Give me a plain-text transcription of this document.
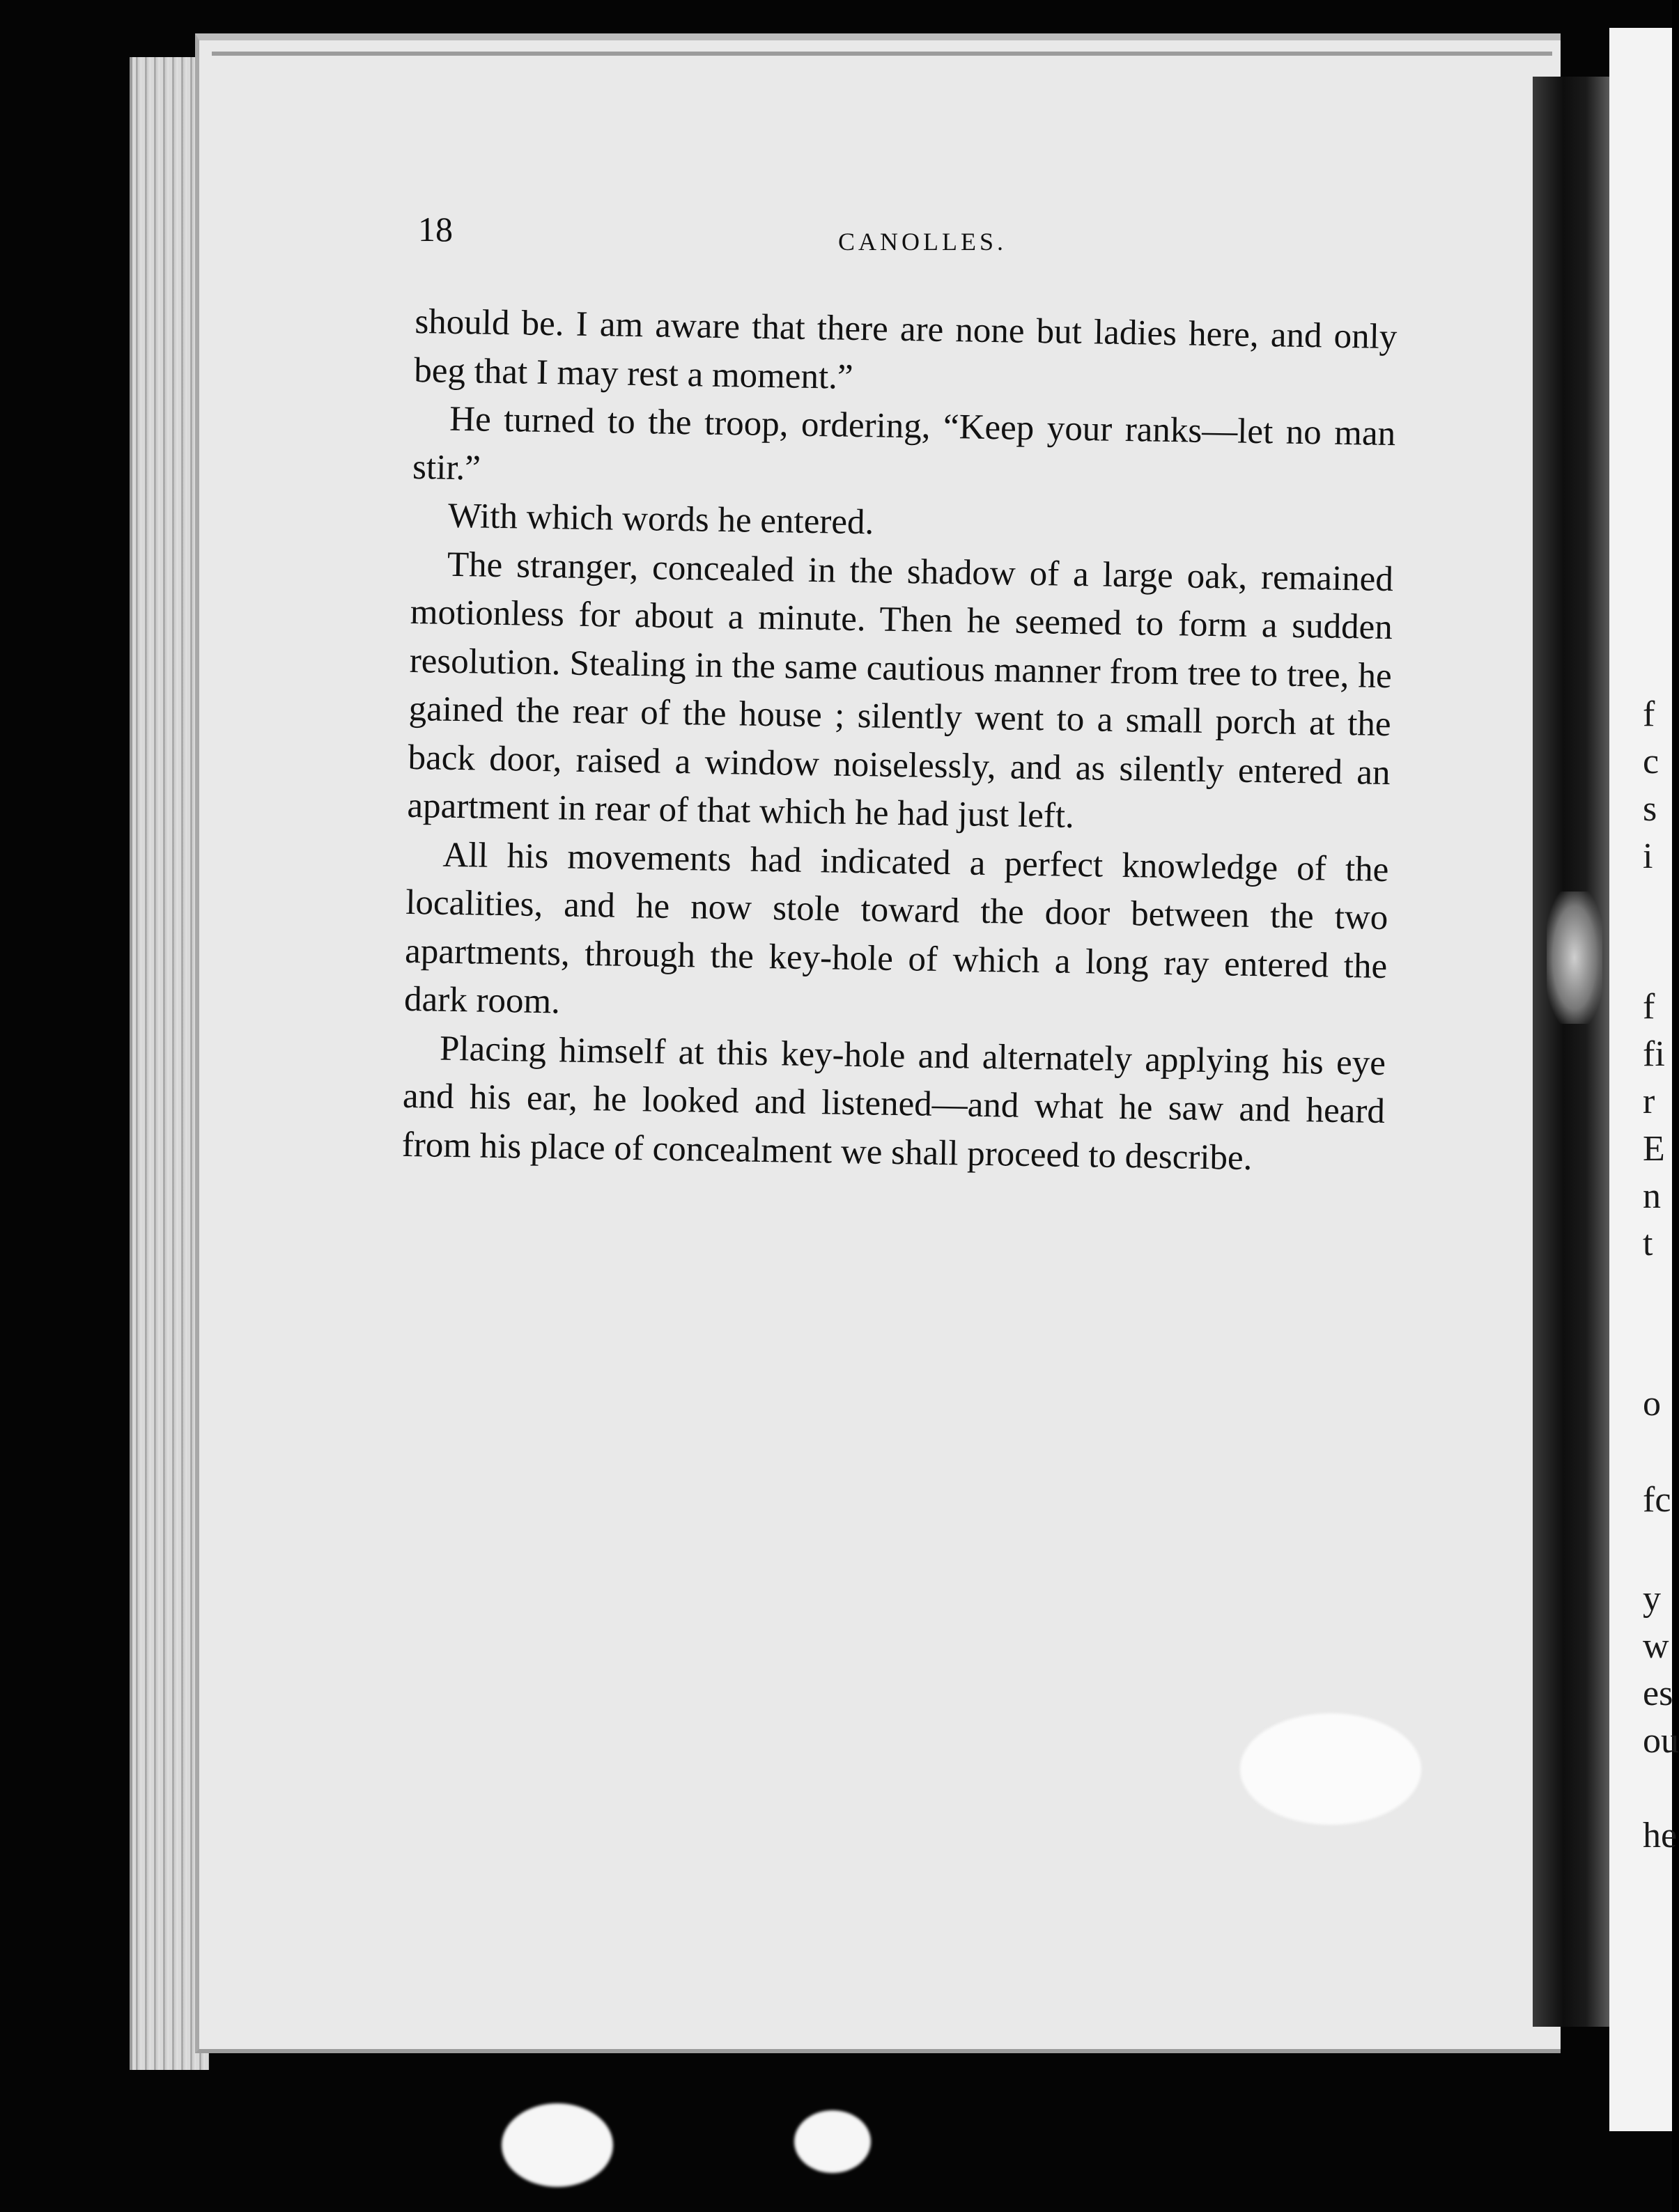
f
c
s
i
f
fi
r
E
n
t
o
fc
y
w
es
ou
he
18	CANOLLES.

should be. I am aware that there are none but ladies here, and only beg that I may rest a moment.”

He turned to the troop, ordering, “Keep your ranks—let no man stir.”

With which words he entered.

The stranger, concealed in the shadow of a large oak, remained motionless for about a minute. Then he seemed to form a sudden resolution. Stealing in the same cautious manner from tree to tree, he gained the rear of the house ; silently went to a small porch at the back door, raised a window noiselessly, and as silently entered an apartment in rear of that which he had just left.

All his movements had indicated a perfect knowledge of the localities, and he now stole toward the door between the two apartments, through the key-hole of which a long ray entered the dark room.

Placing himself at this key-hole and alternately applying his eye and his ear, he looked and listened—and what he saw and heard from his place of concealment we shall proceed to describe.
